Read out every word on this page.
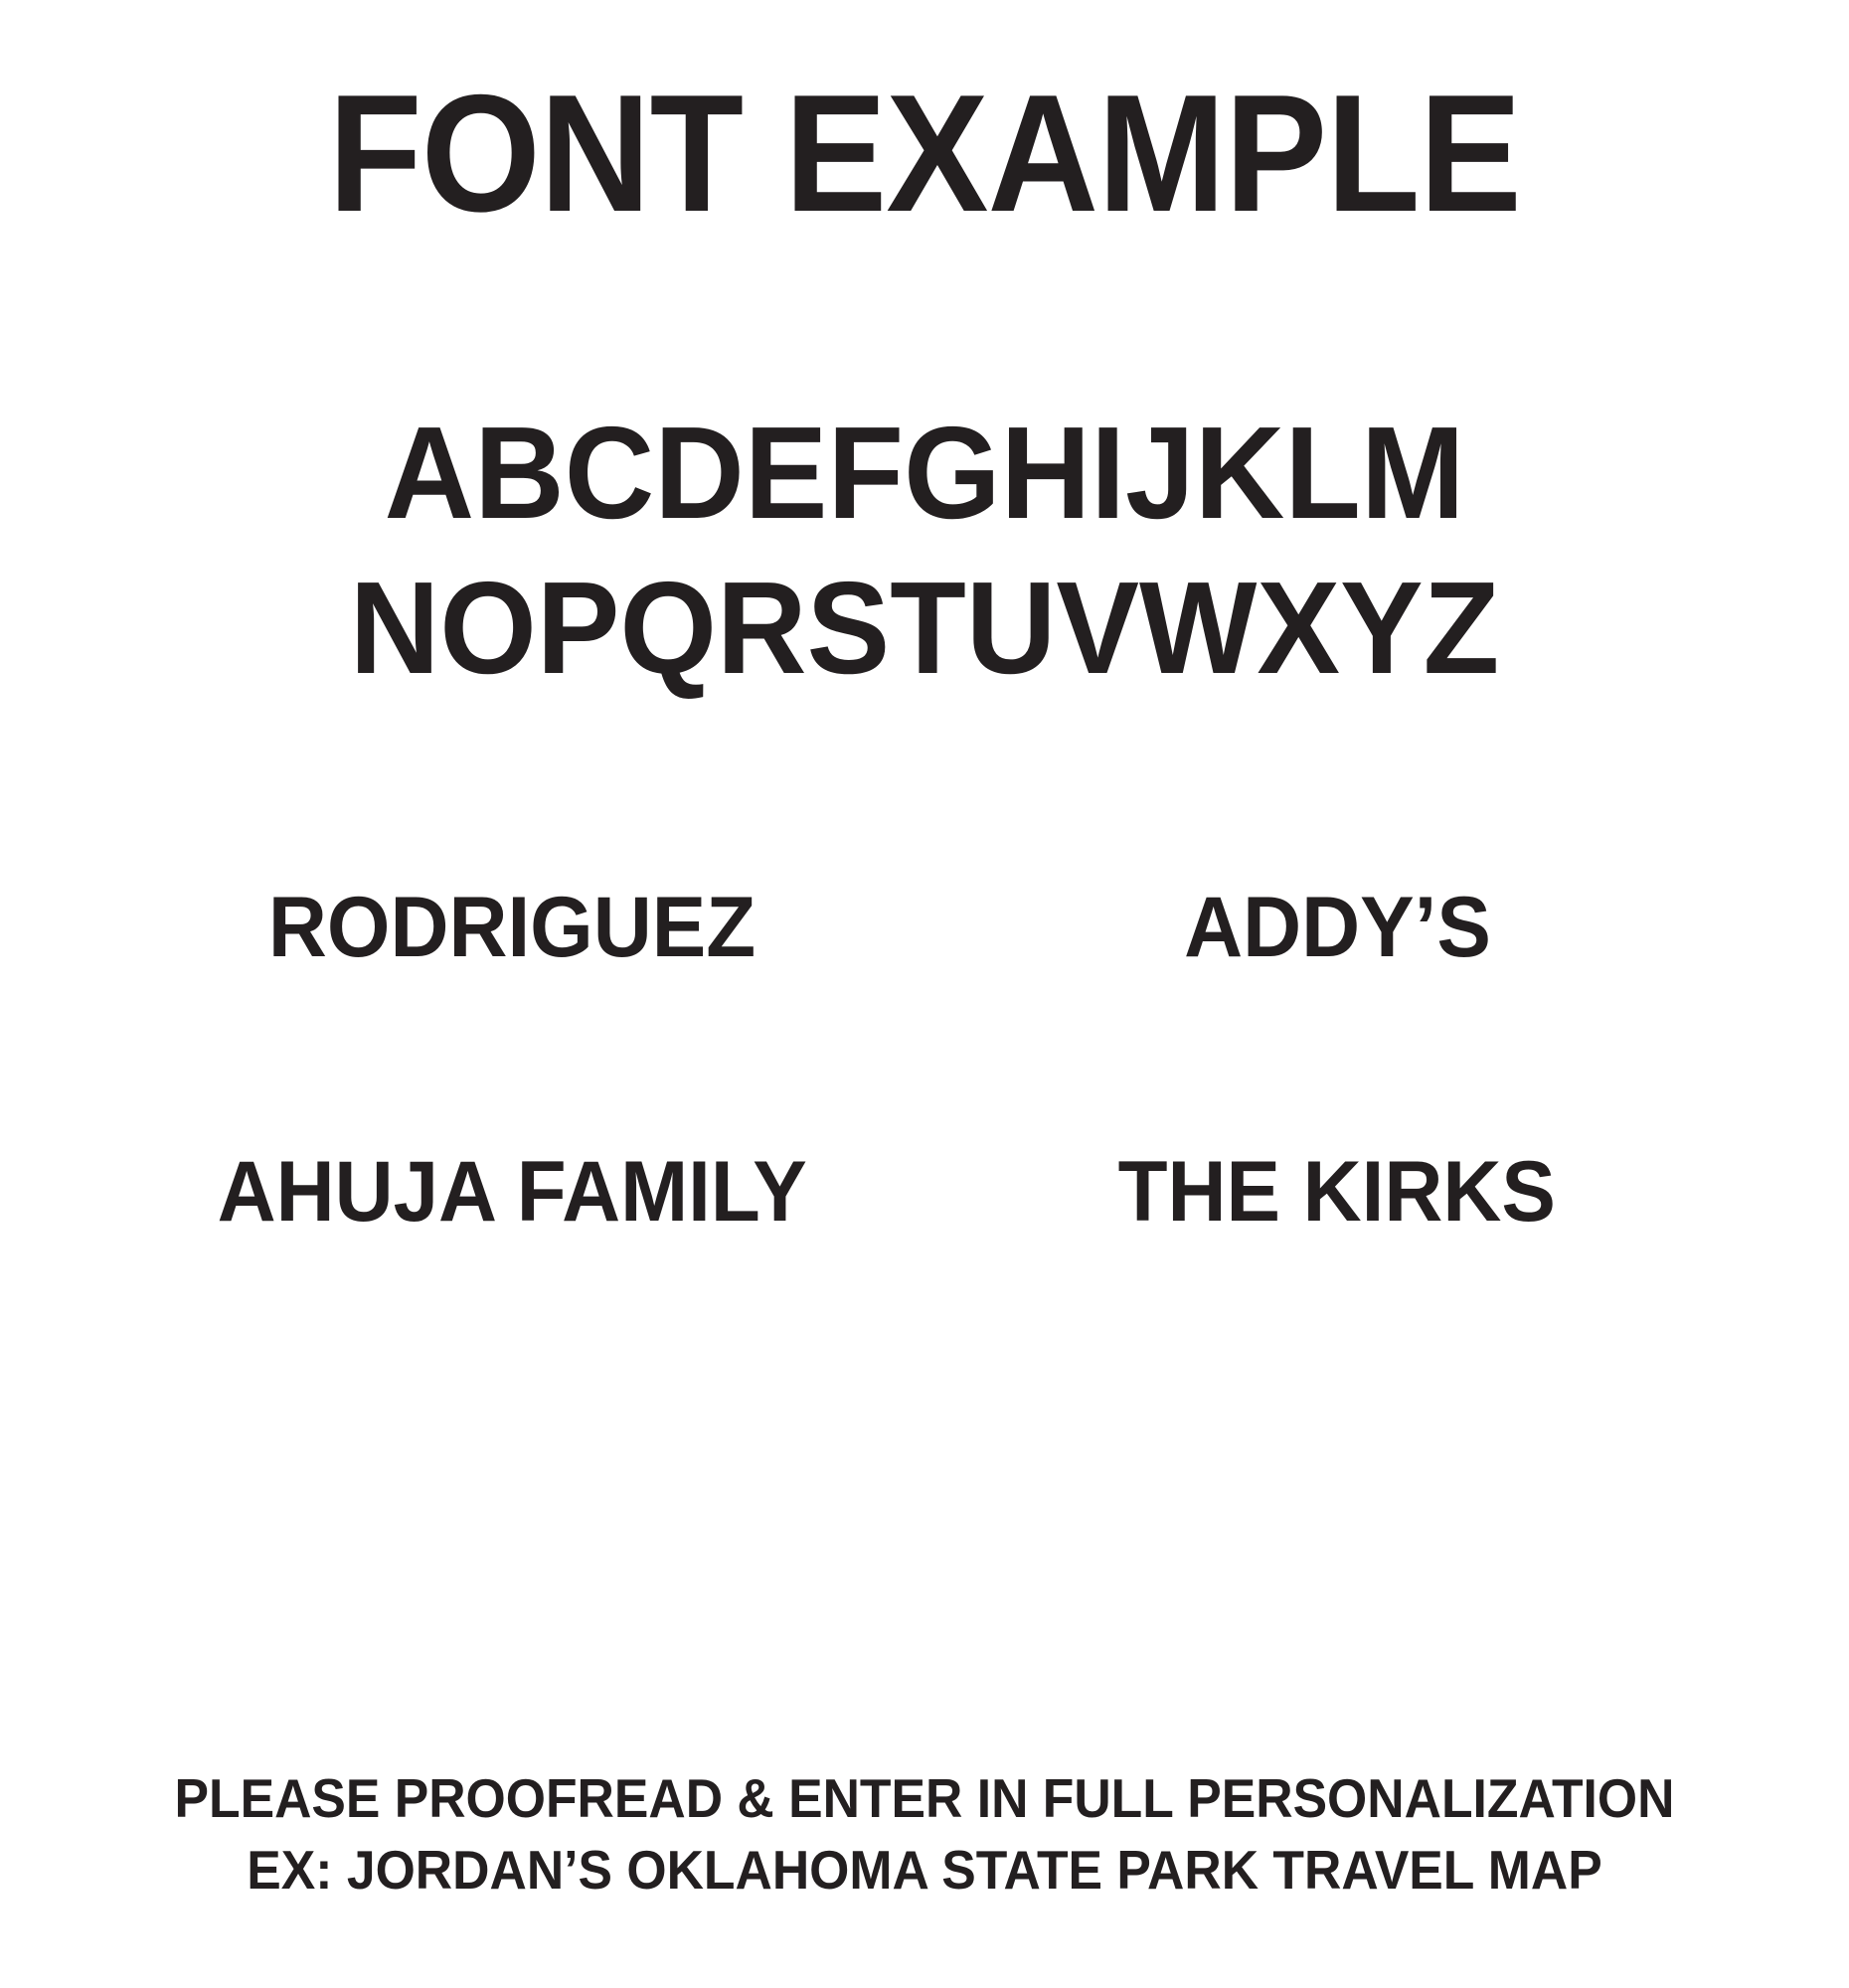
FONT EXAMPLE
ABCDEFGHIJKLM
NOPQRSTUVWXYZ
RODRIGUEZ	ADDY’S
AHUJA FAMILY	THE KIRKS
PLEASE PROOFREAD & ENTER IN FULL PERSONALIZATION
EX: JORDAN’S OKLAHOMA STATE PARK TRAVEL MAP
